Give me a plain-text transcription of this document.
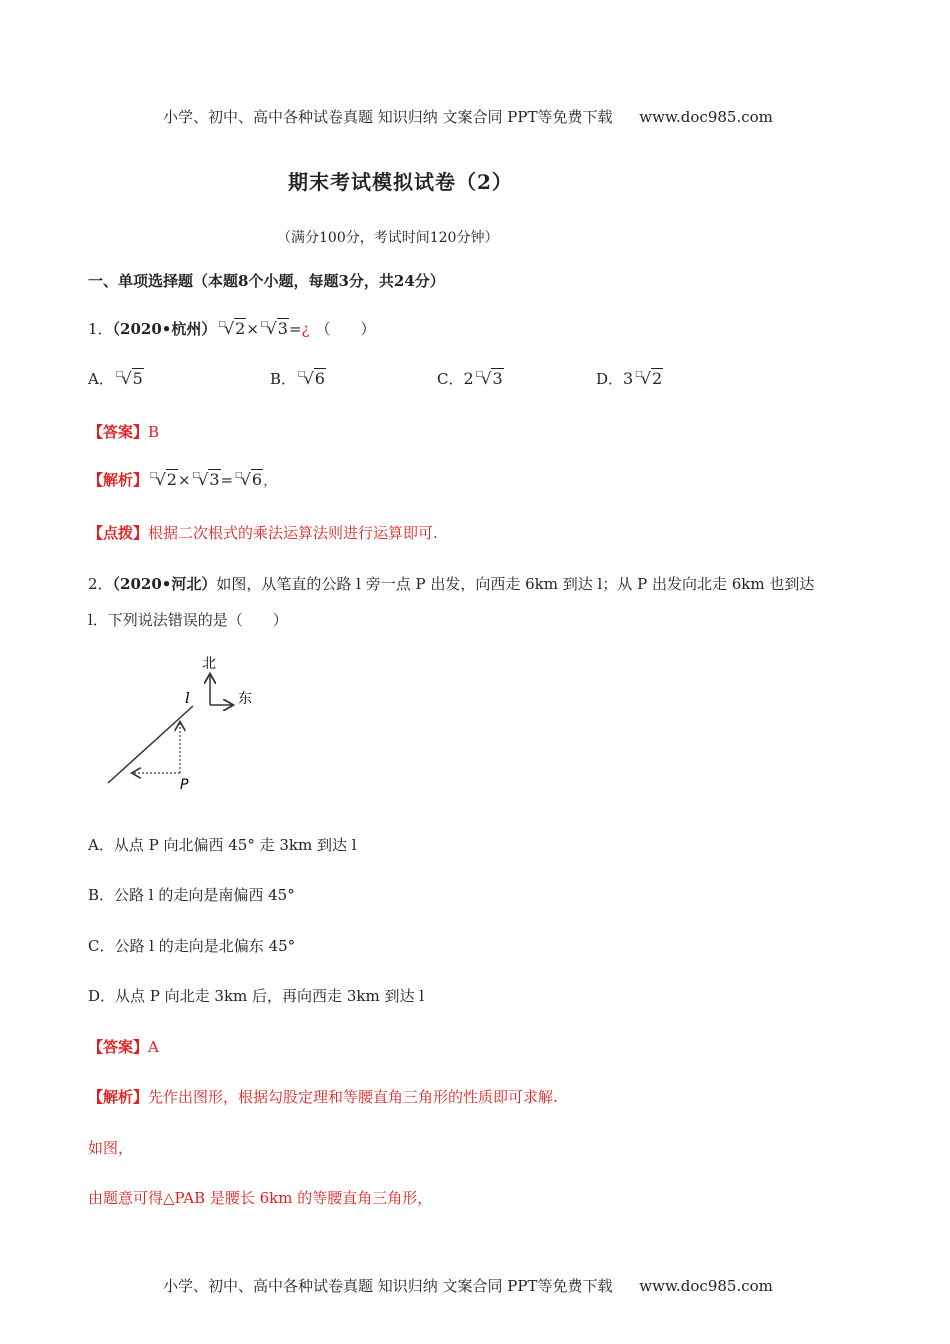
小学、初中、高中各种试卷真题 知识归纳 文案合同 PPT等免费下载 www.doc985.com
期末考试模拟试卷（2）
（满分100分，考试时间120分钟）
一、单项选择题（本题8个小题，每题3分，共24分）
1．（2020•杭州） □√2× □√3=¿ （　　）
A． □√5	B． □√6	C．2 □√3	D．3 □√2
【答案】B
【解析】 □√2× □√3= □√6，
【点拨】根据二次根式的乘法运算法则进行运算即可.
2．（2020•河北）如图，从笔直的公路 l 旁一点 P 出发，向西走 6km 到达 l；从 P 出发向北走 6km 也到达
l．下列说法错误的是（　　）
北
东
l
P
A．从点 P 向北偏西 45° 走 3km 到达 l
B．公路 l 的走向是南偏西 45°
C．公路 l 的走向是北偏东 45°
D．从点 P 向北走 3km 后，再向西走 3km 到达 l
【答案】A
【解析】先作出图形，根据勾股定理和等腰直角三角形的性质即可求解.
如图，
由题意可得△PAB 是腰长 6km 的等腰直角三角形，
小学、初中、高中各种试卷真题 知识归纳 文案合同 PPT等免费下载 www.doc985.com
